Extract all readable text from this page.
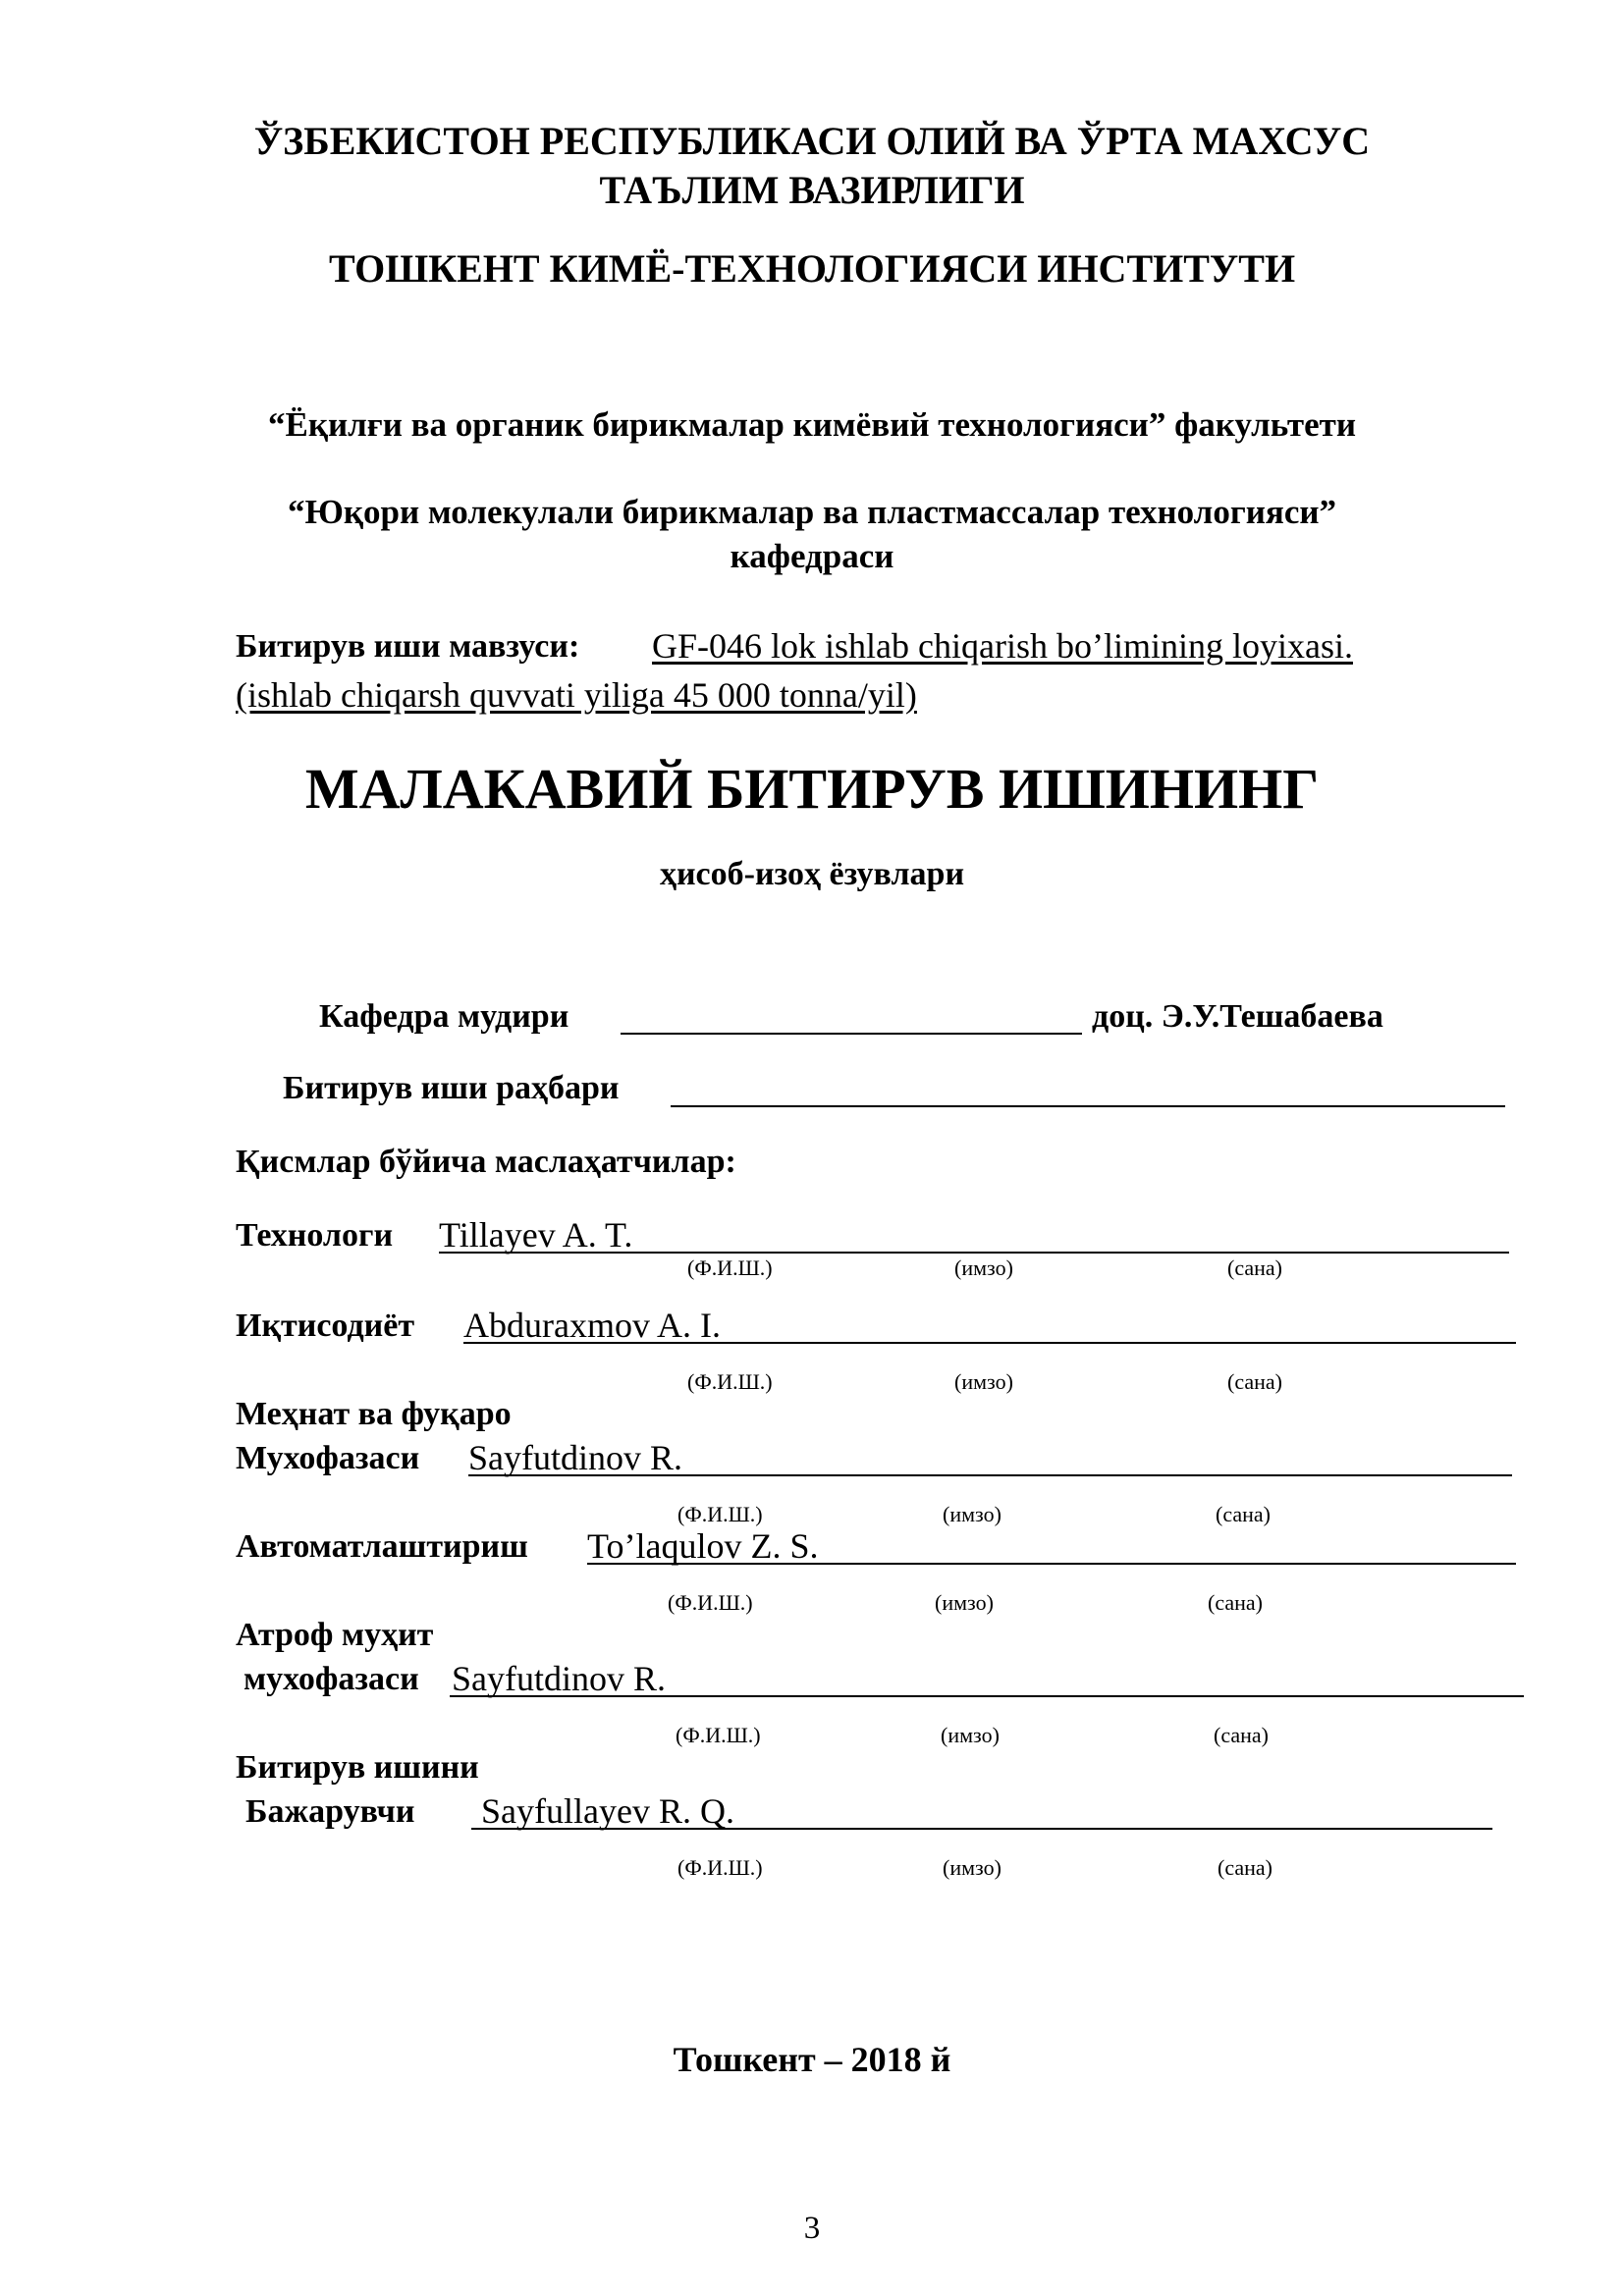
ЎЗБЕКИСТОН РЕСПУБЛИКАСИ ОЛИЙ ВА ЎРТА МАХСУС
ТАЪЛИМ ВАЗИРЛИГИ
ТОШКЕНТ КИМЁ-ТЕХНОЛОГИЯСИ ИНСТИТУТИ
“Ёқилғи ва органик бирикмалар кимёвий технологияси” факультети
“Юқори молекулали бирикмалар ва пластмассалар технологияси”
кафедраси
Битирув иши мавзуси: GF-046 lok ishlab chiqarish bo’limining loyixasi.
(ishlab chiqarsh quvvati yiliga 45 000 tonna/yil)
МАЛАКАВИЙ БИТИРУВ ИШИНИНГ
ҳисоб-изоҳ ёзувлари
Кафедра мудири	доц. Э.У.Тешабаева
Битирув иши раҳбари
Қисмлар бўйича маслаҳатчилар:
Технологи Tillayev A. T.
(Ф.И.Ш.)	(имзо)	(сана)
Иқтисодиёт Abduraxmov A. I.
(Ф.И.Ш.)	(имзо)	(сана)
Меҳнат ва фуқаро
Мухофазаси Sayfutdinov R.
(Ф.И.Ш.)	(имзо)	(сана)
Автоматлаштириш To’laqulov Z. S.
(Ф.И.Ш.)	(имзо)	(сана)
Атроф муҳит
мухофазаси Sayfutdinov R.
(Ф.И.Ш.)	(имзо)	(сана)
Битирув ишини
Бажарувчи Sayfullayev R. Q.
(Ф.И.Ш.)	(имзо)	(сана)
Тошкент – 2018 й
3
